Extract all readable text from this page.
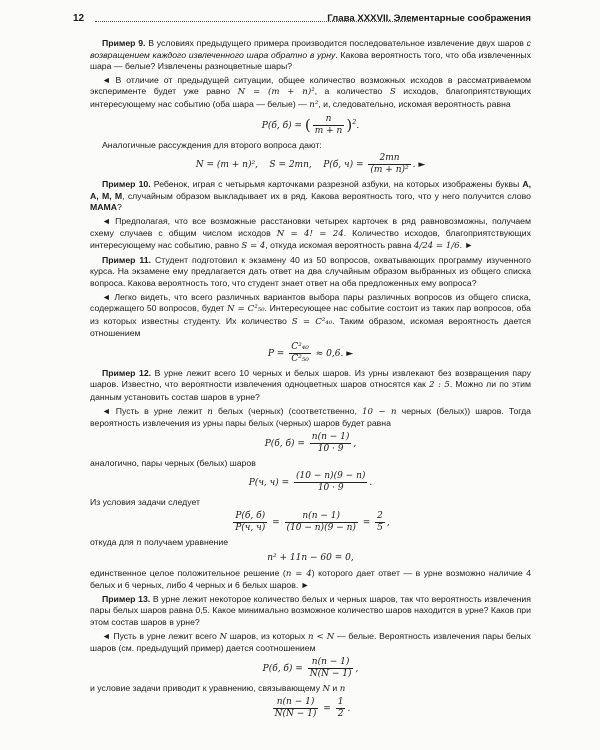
12	Глава XXXVII. Элементарные соображения

Пример 9. В условиях предыдущего примера производится последовательное извлечение двух шаров с возвращением каждого извлеченного шара обратно в урну. Какова вероятность того, что оба извлеченных шара — белые? Извлечены разноцветные шары?

◄ В отличие от предыдущей ситуации, общее количество возможных исходов в рассматриваемом эксперименте будет уже равно N = (m + n)², а количество S исходов, благоприятствующих интересующему нас событию (оба шара — белые) — n², и, следовательно, искомая вероятность равна

P(б, б) = ( $\frac{n}{m + n} )^2$.

Аналогичные рассуждения для второго вопроса дают:

N = (m + n)², S = 2mn, P(б, $ч) = \frac{2mn}{\text{(m + n)²}}$ . ►

Пример 10. Ребенок, играя с четырьмя карточками разрезной азбуки, на которых изображены буквы А, А, М, М, случайным образом выкладывает их в ряд. Какова вероятность того, что у него получится слово МАМА?

◄ Предполагая, что все возможные расстановки четырех карточек в ряд равновозможны, получаем схему случаев с общим числом исходов N = 4! = 24. Количество исходов, благоприятствующих интересующему нас событию, равно S = 4, откуда искомая вероятность равна 4/24 = 1/6. ►

Пример 11. Студент подготовил к экзамену 40 из 50 вопросов, охватывающих программу изученного курса. На экзамене ему предлагается дать ответ на два случайным образом выбранных из общего списка вопроса. Какова вероятность того, что студент знает ответ на оба предложенных ему вопроса?

◄ Легко видеть, что всего различных вариантов выбора пары различных вопросов из общего списка, содержащего 50 вопросов, будет N = C²₅₀. Интересующее нас событие состоит из таких пар вопросов, оба из которых известны студенту. Их количество S = C²₄₀. Таким образом, искомая вероятность дается отношением

$P = \frac{\text{C²₄₀}}{\text{C²₅₀}} \approx 0,6$. ►

Пример 12. В урне лежит всего 10 черных и белых шаров. Из урны извлекают без возвращения пару шаров. Известно, что вероятности извлечения одноцветных шаров относятся как 2 : 5. Можно ли по этим данным установить состав шаров в урне?

◄ Пусть в урне лежит n белых (черных) (соответственно, 10 − n черных (белых)) шаров. Тогда вероятность извлечения из урны пары белых (черных) шаров будет равна

P(б, $б) = \frac{n(n - 1)}{10 \cdot 9}$ ,

аналогично, пары черных (белых) шаров

P(ч, $ч) = \frac{(10 - n)(9 - n)}{10 \cdot 9}$ .

Из условия задачи следует

$\frac{P(б, б)}{P(ч, ч)} = \frac{n(n - 1)}{(10 - n)(9 - n)} = \frac{2}{5}$ ,

откуда для n получаем уравнение

n² + 11n − 60 = 0,

единственное целое положительное решение (n = 4) которого дает ответ — в урне возможно наличие 4 белых и 6 черных, либо 4 черных и 6 белых шаров. ►

Пример 13. В урне лежит некоторое количество белых и черных шаров, так что вероятность извлечения пары белых шаров равна 0,5. Какое минимально возможное количество шаров находится в урне? Каков при этом состав шаров в урне?

◄ Пусть в урне лежит всего N шаров, из которых n < N — белые. Вероятность извлечения пары белых шаров (см. предыдущий пример) дается соотношением

P(б, $б) = \frac{n(n - 1)}{N(N - 1)}$ ,

и условие задачи приводит к уравнению, связывающему N и n

$\frac{n(n - 1)}{N(N - 1)} = \frac{1}{2}$ .
